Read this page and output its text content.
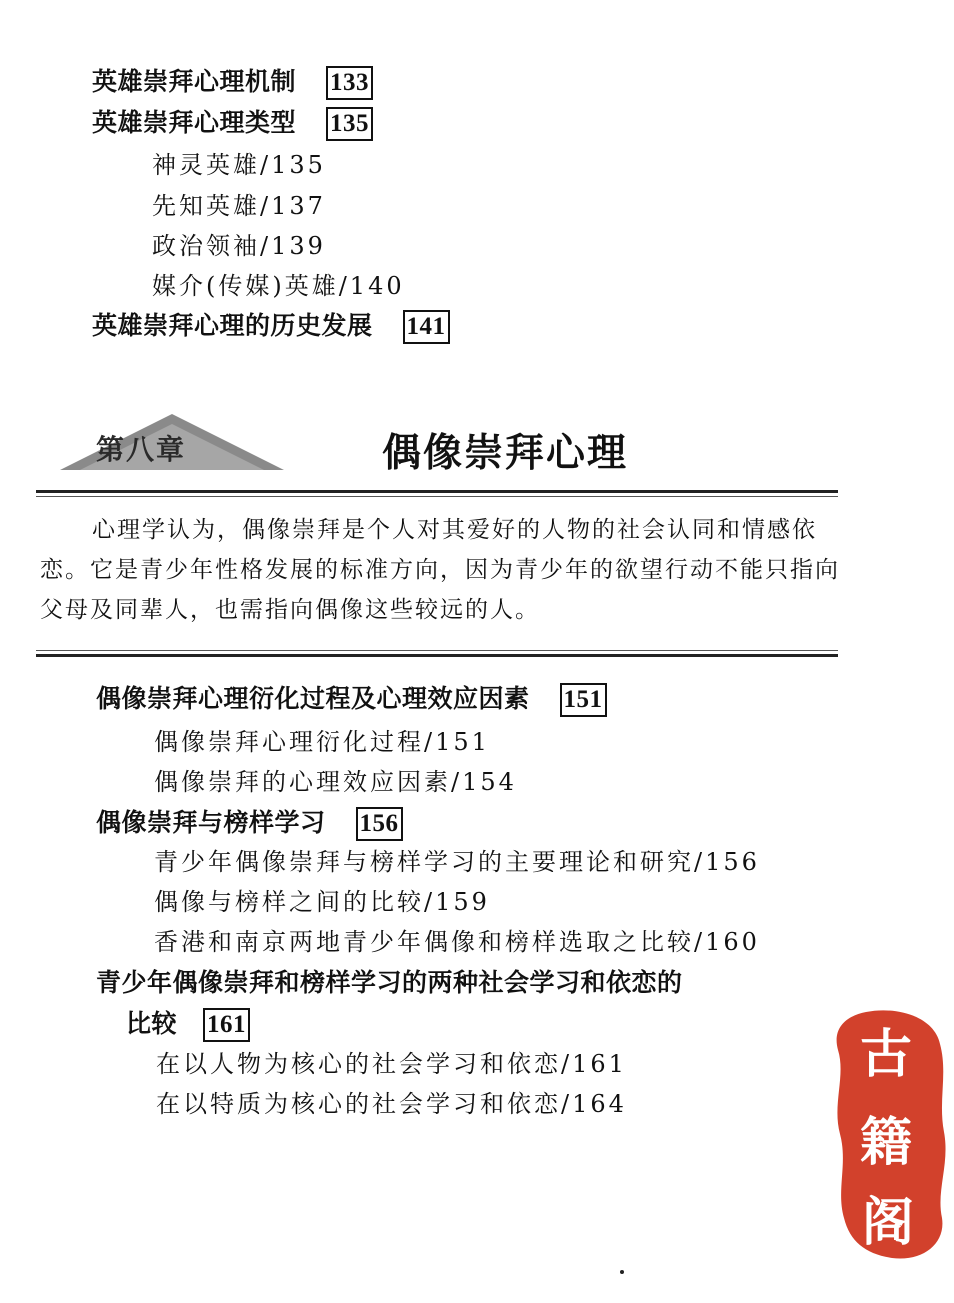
英雄崇拜心理机制 133
英雄崇拜心理类型 135
神灵英雄/135
先知英雄/137
政治领袖/139
媒介(传媒)英雄/140
英雄崇拜心理的历史发展 141
第八章	偶像崇拜心理

心理学认为，偶像崇拜是个人对其爱好的人物的社会认同和情感依恋。它是青少年性格发展的标准方向，因为青少年的欲望行动不能只指向父母及同辈人，也需指向偶像这些较远的人。

偶像崇拜心理衍化过程及心理效应因素 151
偶像崇拜心理衍化过程/151
偶像崇拜的心理效应因素/154
偶像崇拜与榜样学习 156
青少年偶像崇拜与榜样学习的主要理论和研究/156
偶像与榜样之间的比较/159
香港和南京两地青少年偶像和榜样选取之比较/160
青少年偶像崇拜和榜样学习的两种社会学习和依恋的
比较 161
在以人物为核心的社会学习和依恋/161
在以特质为核心的社会学习和依恋/164
古
籍
阁
Salon Castle
